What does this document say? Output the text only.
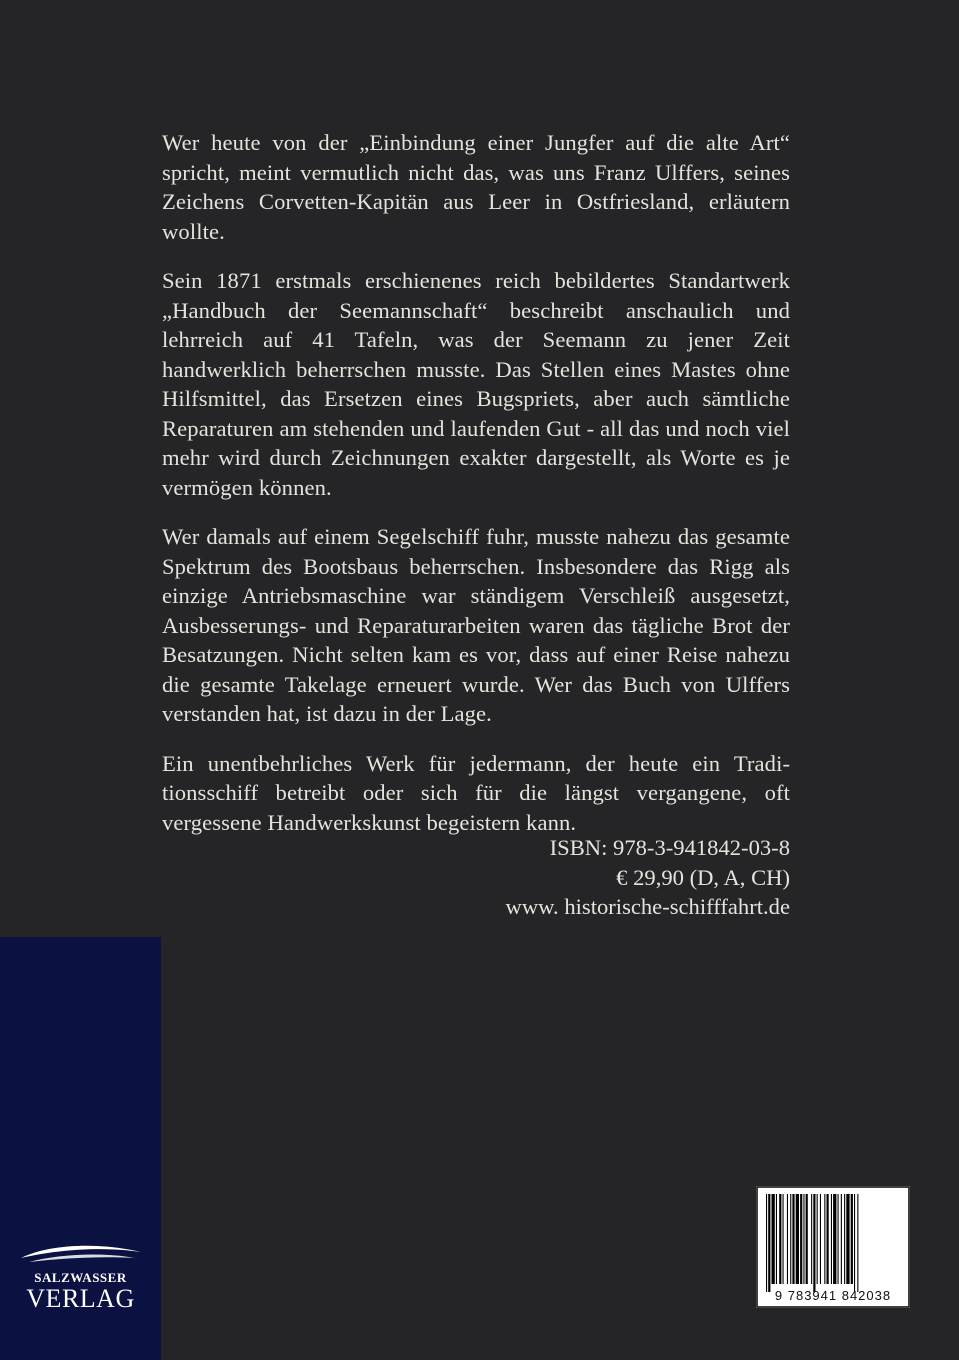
Wer heute von der „Einbindung einer Jungfer auf die alte Art“ spricht, meint vermutlich nicht das, was uns Franz Ulffers, seines Zeichens Corvetten-Kapitän aus Leer in Ostfriesland, erläutern wollte.

Sein 1871 erstmals erschienenes reich bebildertes Standartwerk „Handbuch der Seemannschaft“ beschreibt anschaulich und lehrreich auf 41 Tafeln, was der Seemann zu jener Zeit handwerklich beherrschen musste. Das Stellen eines Mastes ohne Hilfsmittel, das Ersetzen eines Bugspriets, aber auch sämtliche Reparaturen am stehenden und laufenden Gut - all das und noch viel mehr wird durch Zeichnungen exakter dargestellt, als Worte es je vermögen können.

Wer damals auf einem Segelschiff fuhr, musste nahezu das gesamte Spektrum des Bootsbaus beherrschen. Insbesondere das Rigg als einzige Antriebsmaschine war ständigem Verschleiß ausgesetzt, Ausbesserungs- und Reparaturarbeiten waren das tägliche Brot der Besatzungen. Nicht selten kam es vor, dass auf einer Reise nahezu die gesamte Takelage erneuert wurde. Wer das Buch von Ulffers verstanden hat, ist dazu in der Lage.

Ein unentbehrliches Werk für jedermann, der heute ein Traditionsschiff betreibt oder sich für die längst vergangene, oft vergessene Handwerkskunst begeistern kann.

ISBN: 978-3-941842-03-8
€ 29,90 (D, A, CH)
www. historische-schifffahrt.de
SALZWASSER
VERLAG	9 783941 842038
